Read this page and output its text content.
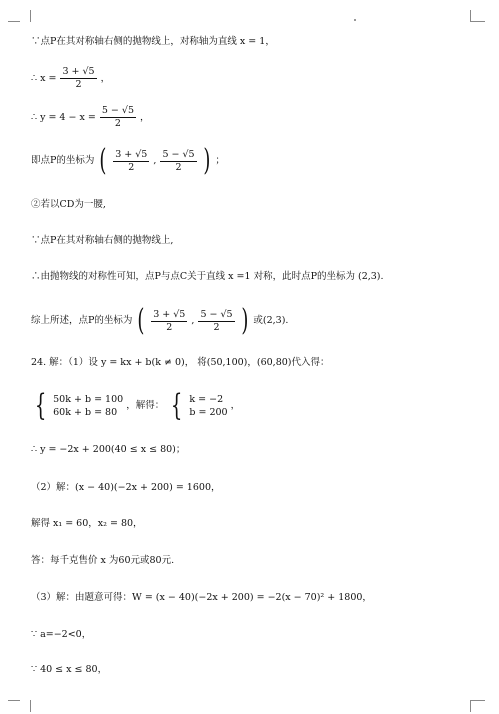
∵点P在其对称轴右侧的抛物线上，对称轴为直线 x = 1，
∴ $x = \frac{3 + √5}{2}$ ，
∴ $y = 4 - x = \frac{5 - √5}{2}$ ，
即点P的坐标为 ( $\frac{3 + √5}{2}$ , $\frac{5 - √5}{2}$ ) ；
②若以CD为一腰,
∵点P在其对称轴右侧的抛物线上,
∴由抛物线的对称性可知，点P与点C关于直线 x =1 对称，此时点P的坐标为 (2,3).
综上所述，点P的坐标为 ( $\frac{3 + √5}{2}$ , $\frac{5 - √5}{2}$ ) 或(2,3).
24. 解：（1）设 y = kx + b(k ≠ 0)， 将(50,100)，(60,80)代入得：
{ 50k + b = 100
60k + b = 80
，解得： { k = −2
b = 200
，
∴ y = −2x + 200(40 ≤ x ≤ 80)；
（2）解：(x − 40)(−2x + 200) = 1600，
解得 x₁ = 60，x₂ = 80，
答：每千克售价 x 为60元或80元.
（3）解：由题意可得：W = (x − 40)(−2x + 200) = −2(x − 70)² + 1800，
∵ a=−2<0，
∵ 40 ≤ x ≤ 80，
